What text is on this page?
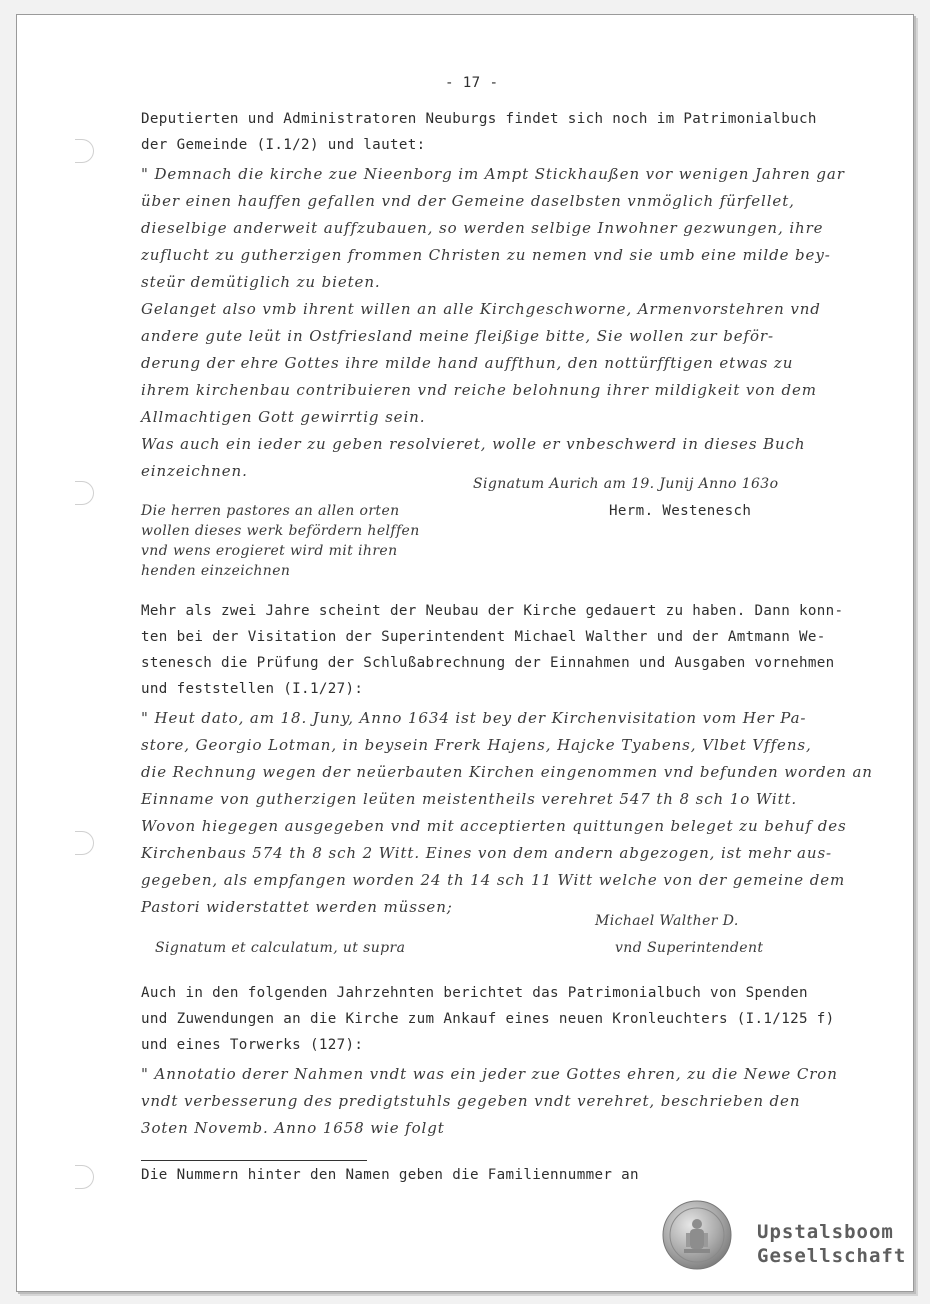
- 17 -
Deputierten und Administratoren Neuburgs findet sich noch im Patrimonialbuch
der Gemeinde (I.1/2) und lautet:
" Demnach die kirche zue Nieenborg im Ampt Stickhaußen vor wenigen Jahren gar
über einen hauffen gefallen vnd der Gemeine daselbsten vnmöglich fürfellet,
dieselbige anderweit auffzubauen, so werden selbige Inwohner gezwungen, ihre
zuflucht zu gutherzigen frommen Christen zu nemen vnd sie umb eine milde bey-
steür demütiglich zu bieten.
Gelanget also vmb ihrent willen an alle Kirchgeschworne, Armenvorstehren vnd
andere gute leüt in Ostfriesland meine fleißige bitte, Sie wollen zur beför-
derung der ehre Gottes ihre milde hand auffthun, den nottürfftigen etwas zu
ihrem kirchenbau contribuieren vnd reiche belohnung ihrer mildigkeit von dem
Allmachtigen Gott gewirrtig sein.
Was auch ein ieder zu geben resolvieret, wolle er vnbeschwerd in dieses Buch
einzeichnen.
Signatum Aurich am 19. Junij Anno 163o
Herm. Westenesch
Die herren pastores an allen orten
wollen dieses werk befördern helffen
vnd wens erogieret wird mit ihren
henden einzeichnen
Mehr als zwei Jahre scheint der Neubau der Kirche gedauert zu haben. Dann konn-
ten bei der Visitation der Superintendent Michael Walther und der Amtmann We-
stenesch die Prüfung der Schlußabrechnung der Einnahmen und Ausgaben vornehmen
und feststellen (I.1/27):
" Heut dato, am 18. Juny, Anno 1634 ist bey der Kirchenvisitation vom Her Pa-
store, Georgio Lotman, in beysein Frerk Hajens, Hajcke Tyabens, Vlbet Vffens,
die Rechnung wegen der neüerbauten Kirchen eingenommen vnd befunden worden an
Einname von gutherzigen leüten meistentheils verehret 547 th 8 sch 1o Witt.
Wovon hiegegen ausgegeben vnd mit acceptierten quittungen beleget zu behuf des
Kirchenbaus 574 th 8 sch 2 Witt. Eines von dem andern abgezogen, ist mehr aus-
gegeben, als empfangen worden 24 th 14 sch 11 Witt welche von der gemeine dem
Pastori widerstattet werden müssen;
Michael Walther D.
Signatum et calculatum, ut supra	vnd Superintendent
Auch in den folgenden Jahrzehnten berichtet das Patrimonialbuch von Spenden
und Zuwendungen an die Kirche zum Ankauf eines neuen Kronleuchters (I.1/125 f)
und eines Torwerks (127):
" Annotatio derer Nahmen vndt was ein jeder zue Gottes ehren, zu die Newe Cron
vndt verbesserung des predigtstuhls gegeben vndt verehret, beschrieben den
3oten Novemb. Anno 1658 wie folgt
Die Nummern hinter den Namen geben die Familiennummer an
Upstalsboom
Gesellschaft
